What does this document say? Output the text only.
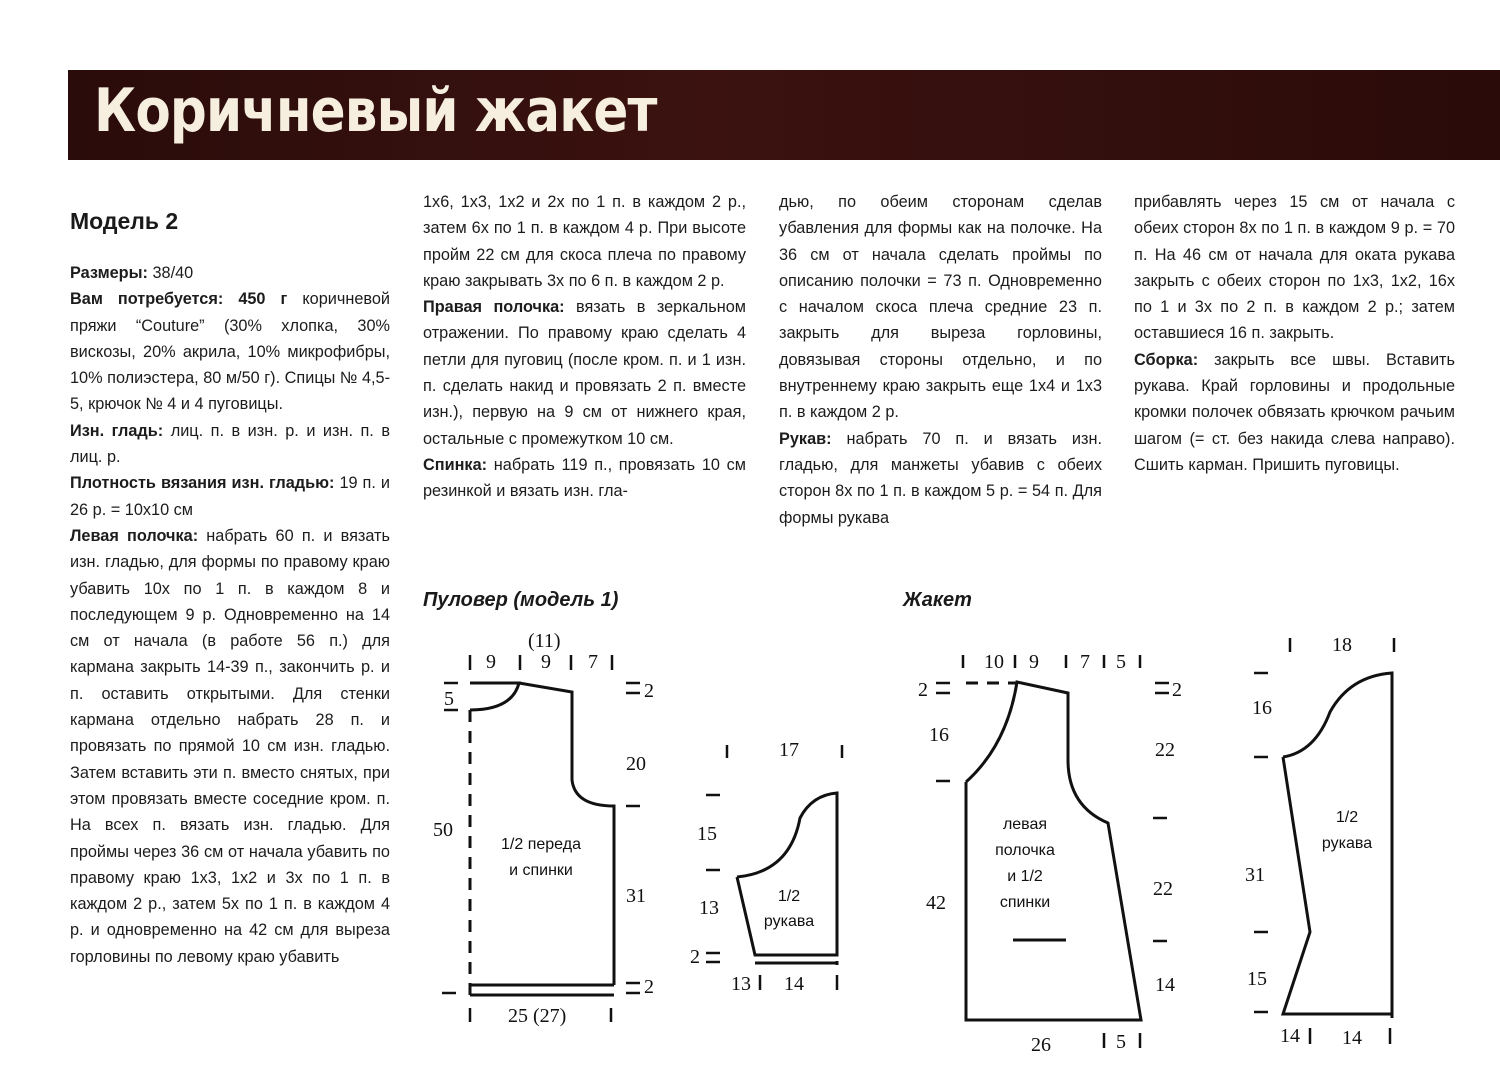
Коричневый жакет
Модель 2

Размеры: 38/40

Вам потребуется: 450 г коричневой пряжи “Couture” (30% хлопка, 30% вискозы, 20% акрила, 10% микрофибры, 10% полиэстера, 80 м/50 г). Спицы № 4,5-5, крючок № 4 и 4 пуговицы.

Изн. гладь: лиц. п. в изн. р. и изн. п. в лиц. р.

Плотность вязания изн. гладью: 19 п. и 26 р. = 10х10 см

Левая полочка: набрать 60 п. и вязать изн. гладью, для формы по правому краю убавить 10х по 1 п. в каждом 8 и последующем 9 р. Одновременно на 14 см от начала (в работе 56 п.) для кармана закрыть 14-39 п., закончить р. и п. оставить открытыми. Для стенки кармана отдельно набрать 28 п. и провязать по прямой 10 см изн. гладью. Затем вставить эти п. вместо снятых, при этом провязать вместе соседние кром. п. На всех п. вязать изн. гладью. Для проймы через 36 см от начала убавить по правому краю 1х3, 1х2 и 3х по 1 п. в каждом 2 р., затем 5х по 1 п. в каждом 4 р. и одновременно на 42 см для выреза горловины по левому краю убавить

1х6, 1х3, 1х2 и 2х по 1 п. в каждом 2 р., затем 6х по 1 п. в каждом 4 р. При высоте пройм 22 см для скоса плеча по правому краю закрывать 3х по 6 п. в каждом 2 р.

Правая полочка: вязать в зеркальном отражении. По правому краю сделать 4 петли для пуговиц (после кром. п. и 1 изн. п. сделать накид и провязать 2 п. вместе изн.), первую на 9 см от нижнего края, остальные с промежутком 10 см.

Спинка: набрать 119 п., провязать 10 см резинкой и вязать изн. гла-

дью, по обеим сторонам сделав убавления для формы как на полочке. На 36 см от начала сделать проймы по описанию полочки = 73 п. Одновременно с началом скоса плеча средние 23 п. закрыть для выреза горловины, довязывая стороны отдельно, и по внутреннему краю закрыть еще 1х4 и 1х3 п. в каждом 2 р.

Рукав: набрать 70 п. и вязать изн. гладью, для манжеты убавив с обеих сторон 8х по 1 п. в каждом 5 р. = 54 п. Для формы рукава

прибавлять через 15 см от начала с обеих сторон 8х по 1 п. в каждом 9 р. = 70 п. На 46 см от начала для оката рукава закрыть с обеих сторон по 1х3, 1х2, 16х по 1 и 3х по 2 п. в каждом 2 р.; затем оставшиеся 16 п. закрыть.

Сборка: закрыть все швы. Вставить рукава. Край горловины и продольные кромки полочек обвязать крючком рачьим шагом (= ст. без накида слева направо). Сшить карман. Пришить пуговицы.

Пуловер (модель 1)	Жакет
9 9 7
(11)
5	2
20
50
31
2
25 (27)
1/2 переда
и спинки
17
15
13
2
13 14
1/2
рукава
10 9 7 5
2	2
16
22
42
22
14
26	5
левая
полочка
и 1/2
спинки
18
16
31
15
14 14
1/2
рукава
